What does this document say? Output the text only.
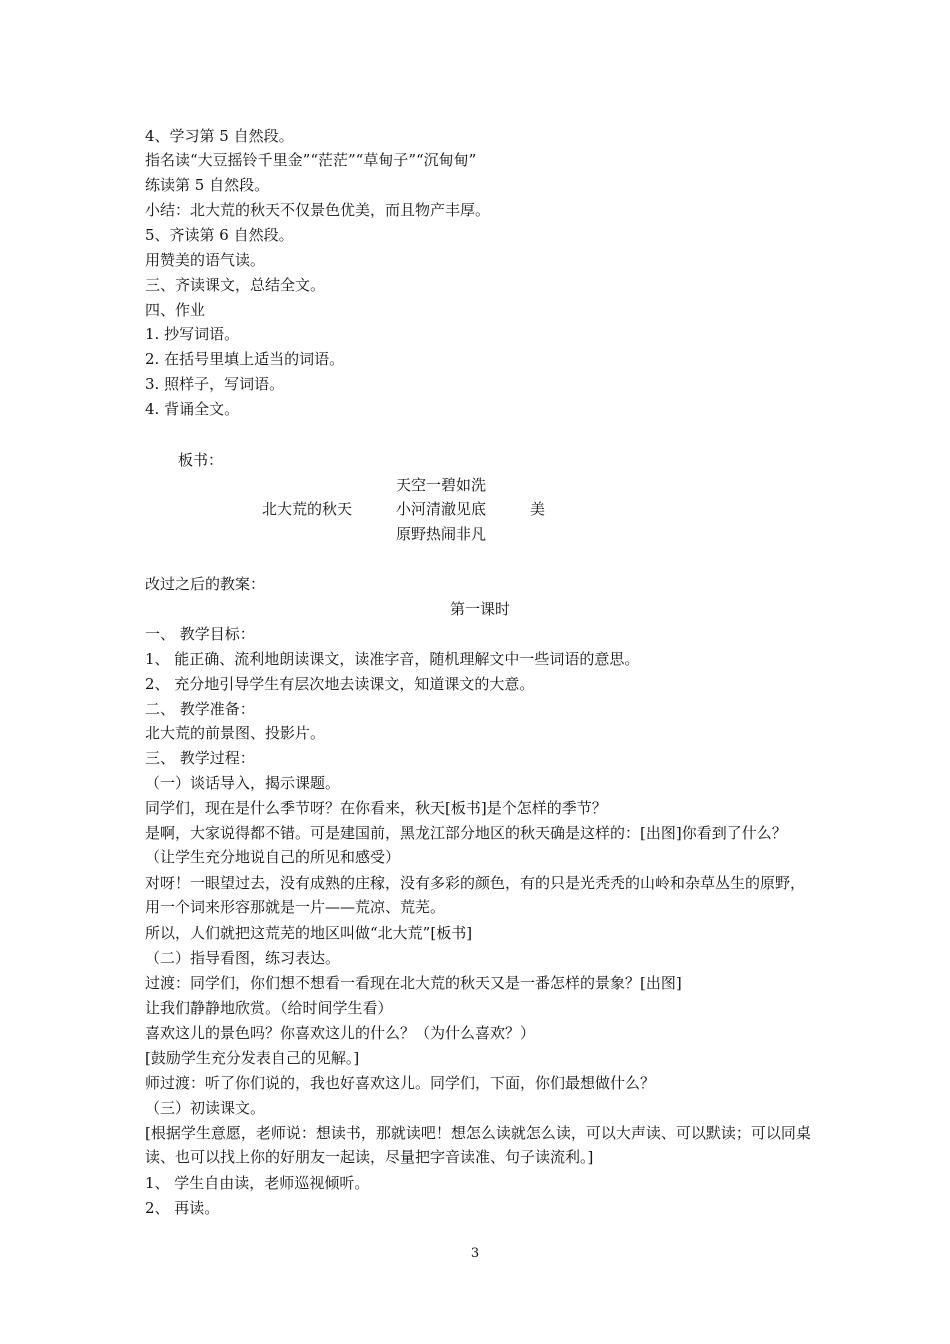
4、学习第 5 自然段。
指名读“大豆摇铃千里金”“茫茫”“草甸子”“沉甸甸”
练读第 5 自然段。
小结：北大荒的秋天不仅景色优美，而且物产丰厚。
5、齐读第 6 自然段。
用赞美的语气读。
三、齐读课文，总结全文。
四、作业
1. 抄写词语。
2. 在括号里填上适当的词语。
3. 照样子，写词语。
4. 背诵全文。
板书：
天空一碧如洗
北大荒的秋天	小河清澈见底	美
原野热闹非凡
改过之后的教案：
第一课时
一、 教学目标：
1、 能正确、流利地朗读课文，读准字音，随机理解文中一些词语的意思。
2、 充分地引导学生有层次地去读课文，知道课文的大意。
二、 教学准备：
北大荒的前景图、投影片。
三、 教学过程：
（一）谈话导入，揭示课题。
同学们，现在是什么季节呀？在你看来，秋天[板书]是个怎样的季节？
是啊，大家说得都不错。可是建国前，黑龙江部分地区的秋天确是这样的：[出图]你看到了什么？（让学生充分地说自己的所见和感受）
对呀！一眼望过去，没有成熟的庄稼，没有多彩的颜色，有的只是光秃秃的山岭和杂草丛生的原野，用一个词来形容那就是一片——荒凉、荒芜。
所以，人们就把这荒芜的地区叫做“北大荒”[板书]
（二）指导看图，练习表达。
过渡：同学们，你们想不想看一看现在北大荒的秋天又是一番怎样的景象？[出图]
让我们静静地欣赏。（给时间学生看）
喜欢这儿的景色吗？你喜欢这儿的什么？（为什么喜欢？）
[鼓励学生充分发表自己的见解。]
师过渡：听了你们说的，我也好喜欢这儿。同学们，下面，你们最想做什么？
（三）初读课文。
[根据学生意愿，老师说：想读书，那就读吧！想怎么读就怎么读，可以大声读、可以默读；可以同桌读、也可以找上你的好朋友一起读，尽量把字音读准、句子读流利。]
1、 学生自由读，老师巡视倾听。
2、 再读。
3
